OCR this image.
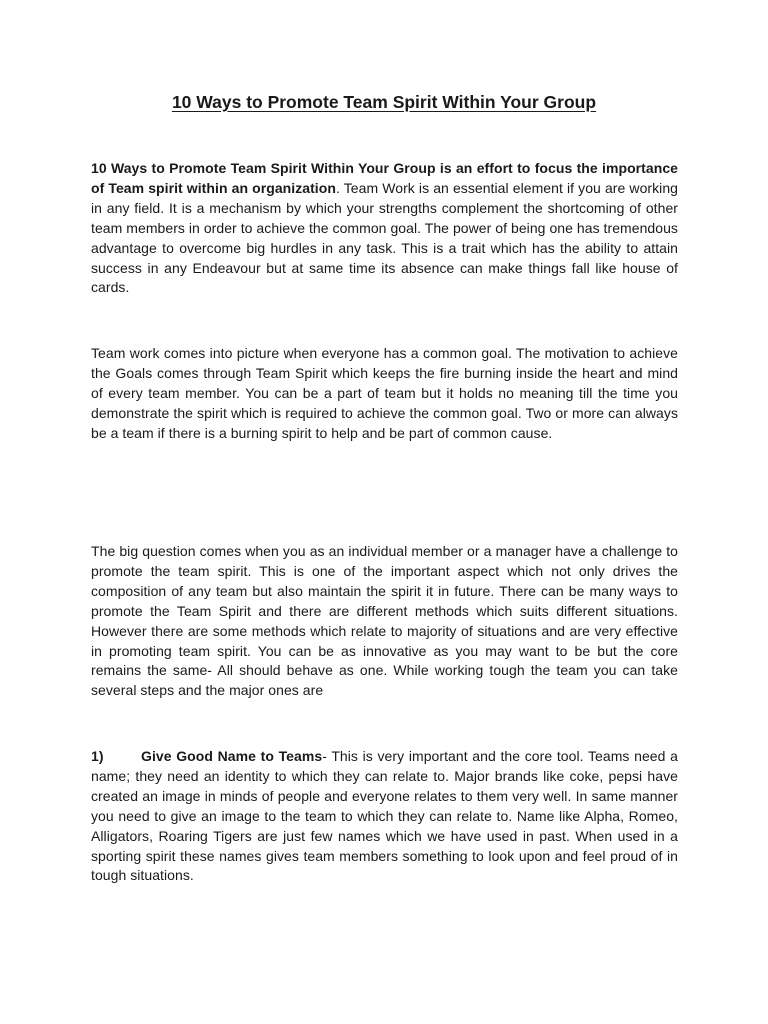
10 Ways to Promote Team Spirit Within Your Group

10 Ways to Promote Team Spirit Within Your Group is an effort to focus the importance of Team spirit within an organization. Team Work is an essential element if you are working in any field. It is a mechanism by which your strengths complement the shortcoming of other team members in order to achieve the common goal. The power of being one has tremendous advantage to overcome big hurdles in any task. This is a trait which has the ability to attain success in any Endeavour but at same time its absence can make things fall like house of cards.

Team work comes into picture when everyone has a common goal. The motivation to achieve the Goals comes through Team Spirit which keeps the fire burning inside the heart and mind of every team member. You can be a part of team but it holds no meaning till the time you demonstrate the spirit which is required to achieve the common goal. Two or more can always be a team if there is a burning spirit to help and be part of common cause.

The big question comes when you as an individual member or a manager have a challenge to promote the team spirit. This is one of the important aspect which not only drives the composition of any team but also maintain the spirit it in future. There can be many ways to promote the Team Spirit and there are different methods which suits different situations. However there are some methods which relate to majority of situations and are very effective in promoting team spirit. You can be as innovative as you may want to be but the core remains the same- All should behave as one. While working tough the team you can take several steps and the major ones are

1)	Give Good Name to Teams- This is very important and the core tool. Teams need a name; they need an identity to which they can relate to. Major brands like coke, pepsi have created an image in minds of people and everyone relates to them very well. In same manner you need to give an image to the team to which they can relate to. Name like Alpha, Romeo, Alligators, Roaring Tigers are just few names which we have used in past. When used in a sporting spirit these names gives team members something to look upon and feel proud of in tough situations.
